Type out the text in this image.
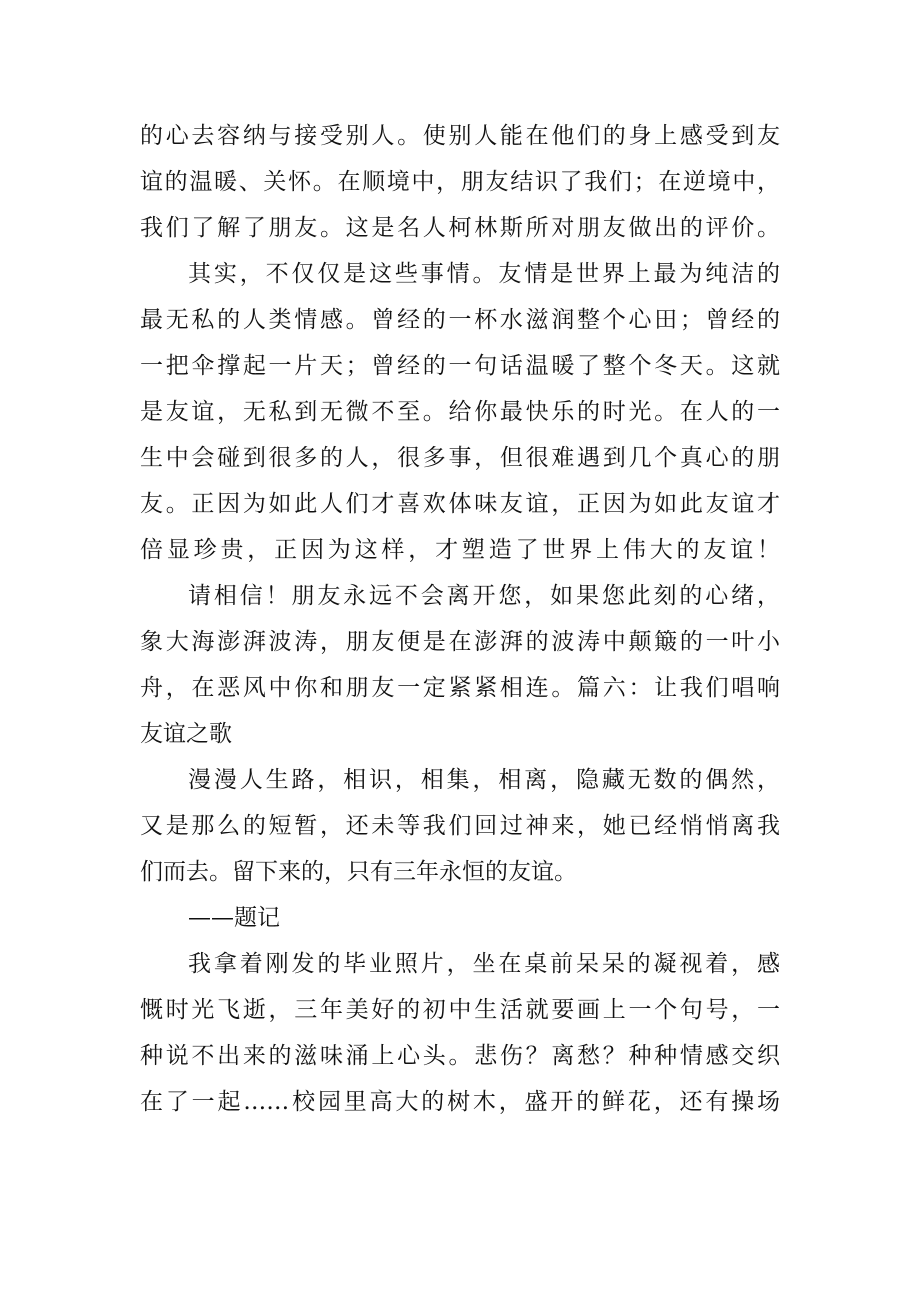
的心去容纳与接受别人。使别人能在他们的身上感受到友
谊的温暖、关怀。在顺境中，朋友结识了我们；在逆境中，
我们了解了朋友。这是名人柯林斯所对朋友做出的评价。
其实，不仅仅是这些事情。友情是世界上最为纯洁的
最无私的人类情感。曾经的一杯水滋润整个心田；曾经的
一把伞撑起一片天；曾经的一句话温暖了整个冬天。这就
是友谊，无私到无微不至。给你最快乐的时光。在人的一
生中会碰到很多的人，很多事，但很难遇到几个真心的朋
友。正因为如此人们才喜欢体味友谊，正因为如此友谊才
倍显珍贵，正因为这样，才塑造了世界上伟大的友谊！
请相信！朋友永远不会离开您，如果您此刻的心绪，
象大海澎湃波涛，朋友便是在澎湃的波涛中颠簸的一叶小
舟，在恶风中你和朋友一定紧紧相连。篇六：让我们唱响
友谊之歌
漫漫人生路，相识，相集，相离，隐藏无数的偶然，
又是那么的短暂，还未等我们回过神来，她已经悄悄离我
们而去。留下来的，只有三年永恒的友谊。
——题记
我拿着刚发的毕业照片，坐在桌前呆呆的凝视着，感
慨时光飞逝，三年美好的初中生活就要画上一个句号，一
种说不出来的滋味涌上心头。悲伤？离愁？种种情感交织
在了一起……校园里高大的树木，盛开的鲜花，还有操场
